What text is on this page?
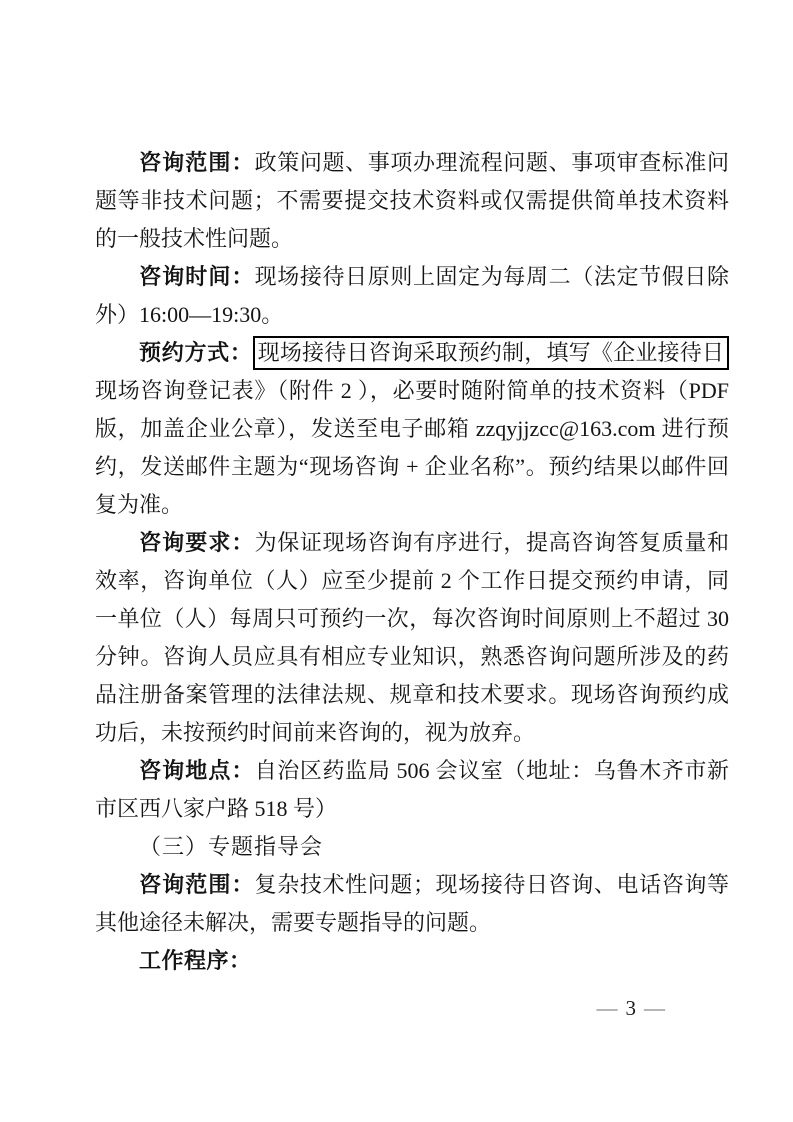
咨询范围：政策问题、事项办理流程问题、事项审查标准问题等非技术问题；不需要提交技术资料或仅需提供简单技术资料的一般技术性问题。

咨询时间：现场接待日原则上固定为每周二（法定节假日除外）16:00—19:30。

预约方式： 现场接待日咨询采取预约制，填写《企业接待日现场咨询登记表》（附件 2 ），必要时随附简单的技术资料（PDF 版，加盖企业公章），发送至电子邮箱 zzqyjjzcc@163.com 进行预约，发送邮件主题为“现场咨询 + 企业名称”。预约结果以邮件回复为准。

咨询要求：为保证现场咨询有序进行，提高咨询答复质量和效率，咨询单位（人）应至少提前 2 个工作日提交预约申请，同一单位（人）每周只可预约一次，每次咨询时间原则上不超过 30 分钟。咨询人员应具有相应专业知识，熟悉咨询问题所涉及的药品注册备案管理的法律法规、规章和技术要求。现场咨询预约成功后，未按预约时间前来咨询的，视为放弃。

咨询地点：自治区药监局 506 会议室（地址：乌鲁木齐市新市区西八家户路 518 号）

（三）专题指导会

咨询范围：复杂技术性问题；现场接待日咨询、电话咨询等其他途径未解决，需要专题指导的问题。

工作程序：

— 3 —
